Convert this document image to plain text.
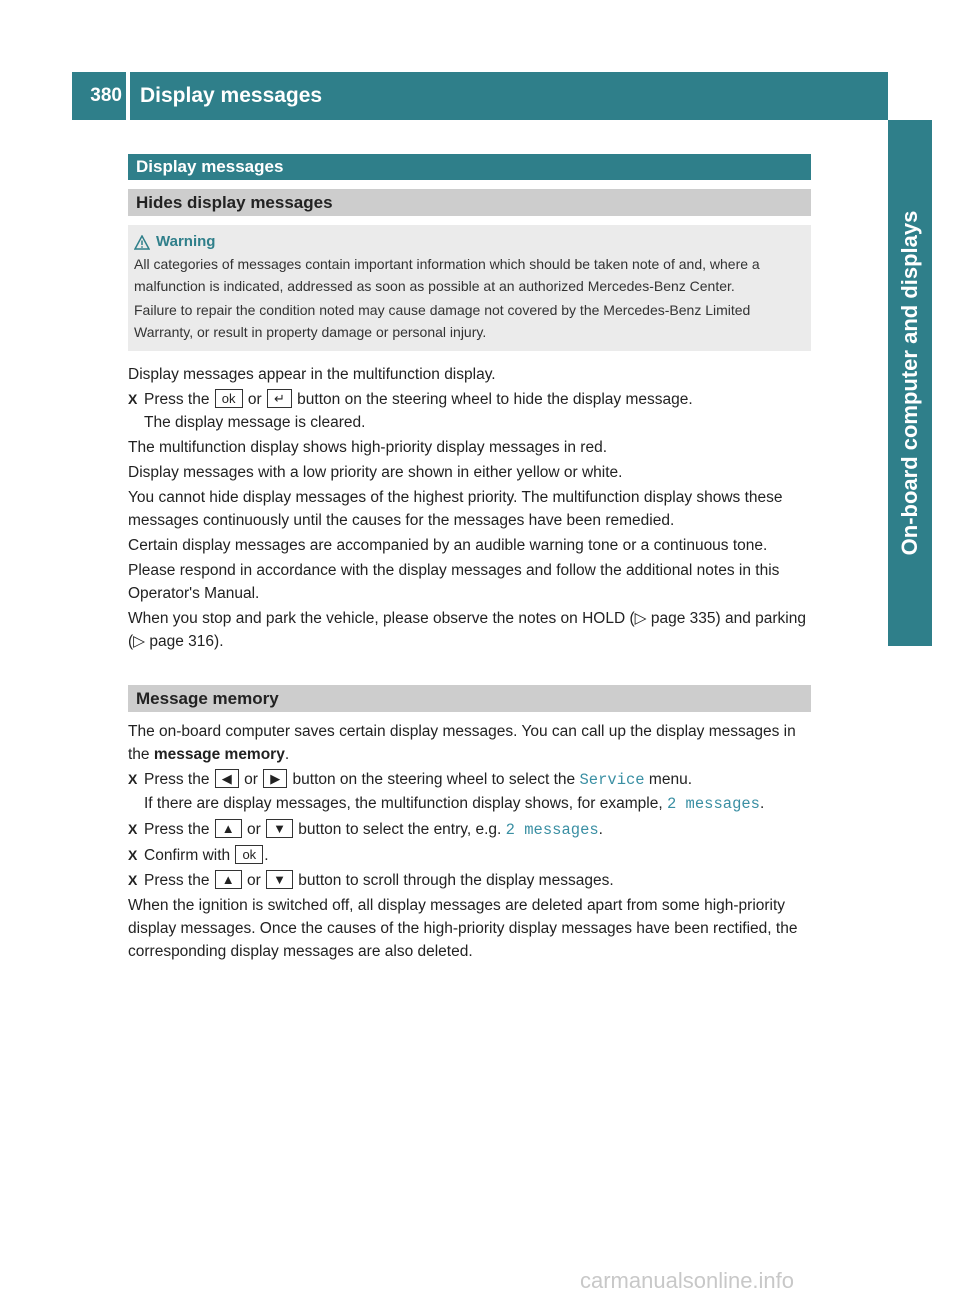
380 Display messages
On-board computer and displays
Display messages
Hides display messages
Warning

All categories of messages contain important information which should be taken note of and, where a malfunction is indicated, addressed as soon as possible at an authorized Mercedes-Benz Center.

Failure to repair the condition noted may cause damage not covered by the Mercedes-Benz Limited Warranty, or result in property damage or personal injury.

Display messages appear in the multifunction display.

X Press the ok or ↵ button on the steering wheel to hide the display message.
The display message is cleared.

The multifunction display shows high-priority display messages in red.

Display messages with a low priority are shown in either yellow or white.

You cannot hide display messages of the highest priority. The multifunction display shows these messages continuously until the causes for the messages have been remedied.

Certain display messages are accompanied by an audible warning tone or a continuous tone.

Please respond in accordance with the display messages and follow the additional notes in this Operator's Manual.

When you stop and park the vehicle, please observe the notes on HOLD (▷ page 335) and parking (▷ page 316).

Message memory

The on-board computer saves certain display messages. You can call up the display messages in the message memory.

X Press the ◀ or ▶ button on the steering wheel to select the Service menu.
If there are display messages, the multifunction display shows, for example, 2 messages.
X Press the ▲ or ▼ button to select the entry, e.g. 2 messages.
X Confirm with ok .
X Press the ▲ or ▼ button to scroll through the display messages.

When the ignition is switched off, all display messages are deleted apart from some high-priority display messages. Once the causes of the high-priority display messages have been rectified, the corresponding display messages are also deleted.

carmanualsonline.info
